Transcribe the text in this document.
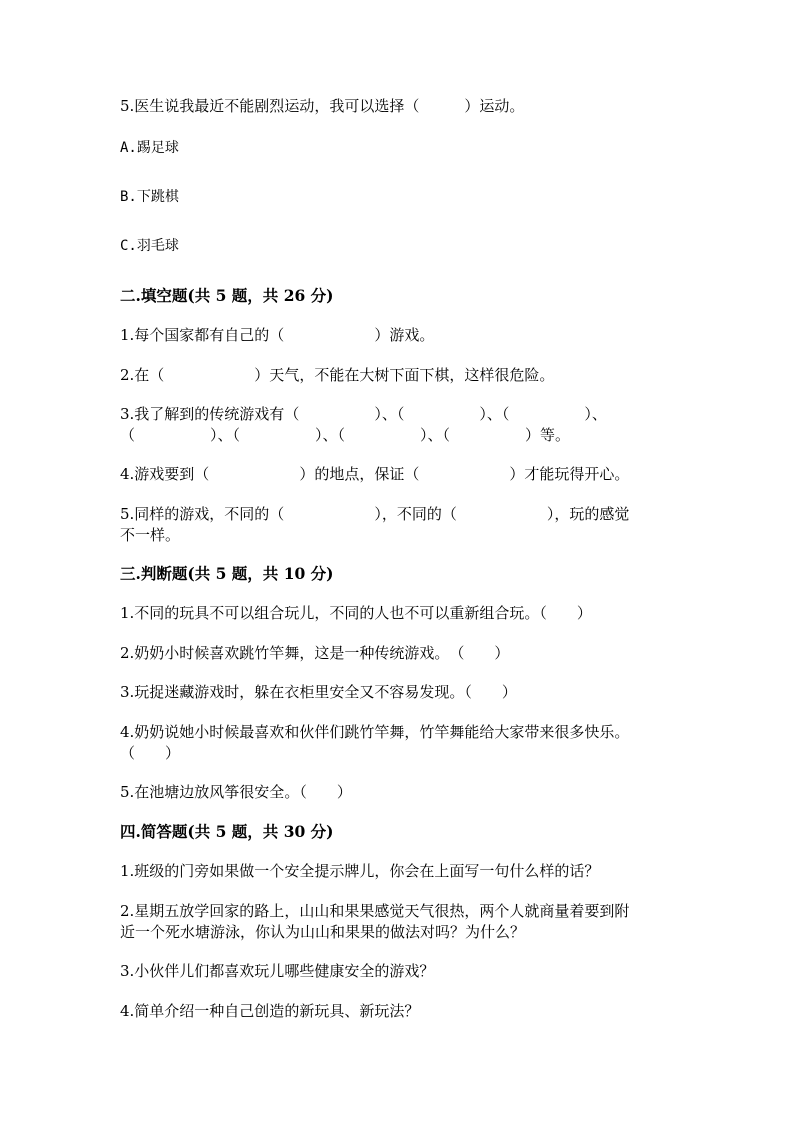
5.医生说我最近不能剧烈运动，我可以选择（　　　）运动。
A.踢足球
B.下跳棋
C.羽毛球
二.填空题(共 5 题，共 26 分)
1.每个国家都有自己的（　　　　　　）游戏。
2.在（　　　　　　）天气，不能在大树下面下棋，这样很危险。
3.我了解到的传统游戏有（　　　　　）、（　　　　　）、（　　　　　）、
（　　　　　）、（　　　　　）、（　　　　　）、（　　　　　）等。
4.游戏要到（　　　　　　）的地点，保证（　　　　　　）才能玩得开心。
5.同样的游戏，不同的（　　　　　　），不同的（　　　　　　），玩的感觉
不一样。
三.判断题(共 5 题，共 10 分)
1.不同的玩具不可以组合玩儿，不同的人也不可以重新组合玩。（　　）
2.奶奶小时候喜欢跳竹竿舞，这是一种传统游戏。　（　　）
3.玩捉迷藏游戏时，躲在衣柜里安全又不容易发现。（　　）
4.奶奶说她小时候最喜欢和伙伴们跳竹竿舞，竹竿舞能给大家带来很多快乐。
（　　）
5.在池塘边放风筝很安全。（　　）
四.简答题(共 5 题，共 30 分)
1.班级的门旁如果做一个安全提示牌儿，你会在上面写一句什么样的话？
2.星期五放学回家的路上，山山和果果感觉天气很热，两个人就商量着要到附
近一个死水塘游泳，你认为山山和果果的做法对吗？为什么？
3.小伙伴儿们都喜欢玩儿哪些健康安全的游戏？
4.简单介绍一种自己创造的新玩具、新玩法？
